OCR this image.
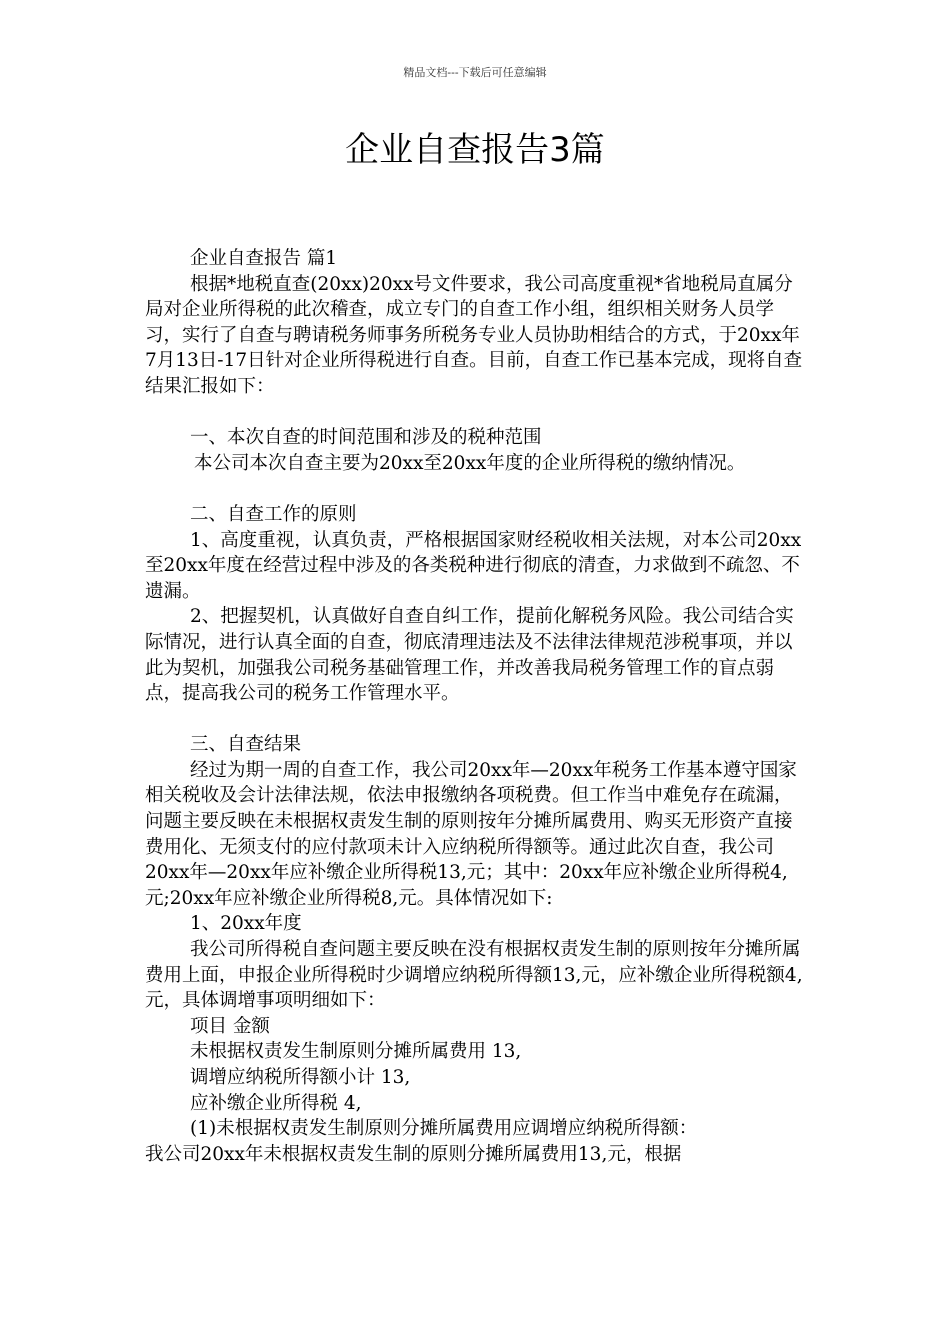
精品文档---下载后可任意编辑
企业自查报告3篇

企业自查报告 篇1

根据*地税直查(20xx)20xx号文件要求，我公司高度重视*省地税局直属分局对企业所得税的此次稽查，成立专门的自查工作小组，组织相关财务人员学习，实行了自查与聘请税务师事务所税务专业人员协助相结合的方式，于20xx年7月13日-17日针对企业所得税进行自查。目前，自查工作已基本完成，现将自查结果汇报如下：

一、本次自查的时间范围和涉及的税种范围

本公司本次自查主要为20xx至20xx年度的企业所得税的缴纳情况。

二、自查工作的原则

1、高度重视，认真负责，严格根据国家财经税收相关法规，对本公司20xx至20xx年度在经营过程中涉及的各类税种进行彻底的清查，力求做到不疏忽、不遗漏。

2、把握契机，认真做好自查自纠工作，提前化解税务风险。我公司结合实际情况，进行认真全面的自查，彻底清理违法及不法律法律规范涉税事项，并以此为契机，加强我公司税务基础管理工作，并改善我局税务管理工作的盲点弱点，提高我公司的税务工作管理水平。

三、自查结果

经过为期一周的自查工作，我公司20xx年—20xx年税务工作基本遵守国家相关税收及会计法律法规，依法申报缴纳各项税费。但工作当中难免存在疏漏，问题主要反映在未根据权责发生制的原则按年分摊所属费用、购买无形资产直接费用化、无须支付的应付款项未计入应纳税所得额等。通过此次自查，我公司20xx年—20xx年应补缴企业所得税13,元；其中：20xx年应补缴企业所得税4,元;20xx年应补缴企业所得税8,元。具体情况如下:

1、20xx年度

我公司所得税自查问题主要反映在没有根据权责发生制的原则按年分摊所属费用上面，申报企业所得税时少调增应纳税所得额13,元，应补缴企业所得税额4,元，具体调增事项明细如下：

项目 金额

未根据权责发生制原则分摊所属费用 13,

调增应纳税所得额小计 13,

应补缴企业所得税 4,

(1)未根据权责发生制原则分摊所属费用应调增应纳税所得额：

我公司20xx年未根据权责发生制的原则分摊所属费用13,元，根据
